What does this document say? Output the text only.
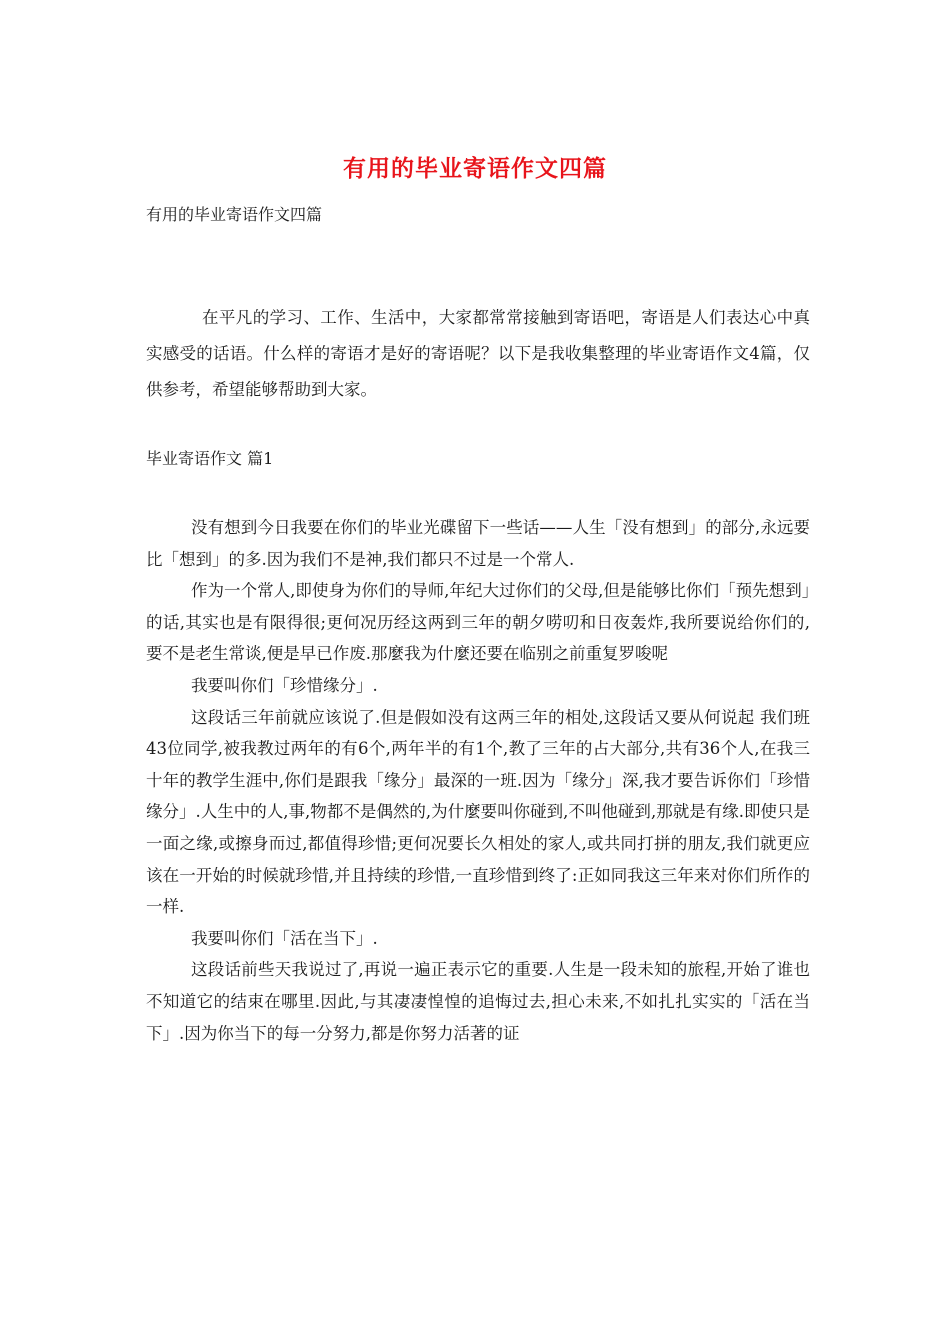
有用的毕业寄语作文四篇

有用的毕业寄语作文四篇

在平凡的学习、工作、生活中，大家都常常接触到寄语吧，寄语是人们表达心中真实感受的话语。什么样的寄语才是好的寄语呢？以下是我收集整理的毕业寄语作文4篇，仅供参考，希望能够帮助到大家。

毕业寄语作文 篇1

没有想到今日我要在你们的毕业光碟留下一些话——人生「没有想到」的部分,永远要比「想到」的多.因为我们不是神,我们都只不过是一个常人.

作为一个常人,即使身为你们的导师,年纪大过你们的父母,但是能够比你们「预先想到」的话,其实也是有限得很;更何况历经这两到三年的朝夕唠叨和日夜轰炸,我所要说给你们的,要不是老生常谈,便是早已作废.那麼我为什麼还要在临别之前重复罗唆呢

我要叫你们「珍惜缘分」.

这段话三年前就应该说了.但是假如没有这两三年的相处,这段话又要从何说起 我们班43位同学,被我教过两年的有6个,两年半的有1个,教了三年的占大部分,共有36个人,在我三十年的教学生涯中,你们是跟我「缘分」最深的一班.因为「缘分」深,我才要告诉你们「珍惜缘分」.人生中的人,事,物都不是偶然的,为什麼要叫你碰到,不叫他碰到,那就是有缘.即使只是一面之缘,或擦身而过,都值得珍惜;更何况要长久相处的家人,或共同打拼的朋友,我们就更应该在一开始的时候就珍惜,并且持续的珍惜,一直珍惜到终了:正如同我这三年来对你们所作的一样.

我要叫你们「活在当下」.

这段话前些天我说过了,再说一遍正表示它的重要.人生是一段未知的旅程,开始了谁也不知道它的结束在哪里.因此,与其凄凄惶惶的追悔过去,担心未来,不如扎扎实实的「活在当下」.因为你当下的每一分努力,都是你努力活著的证
